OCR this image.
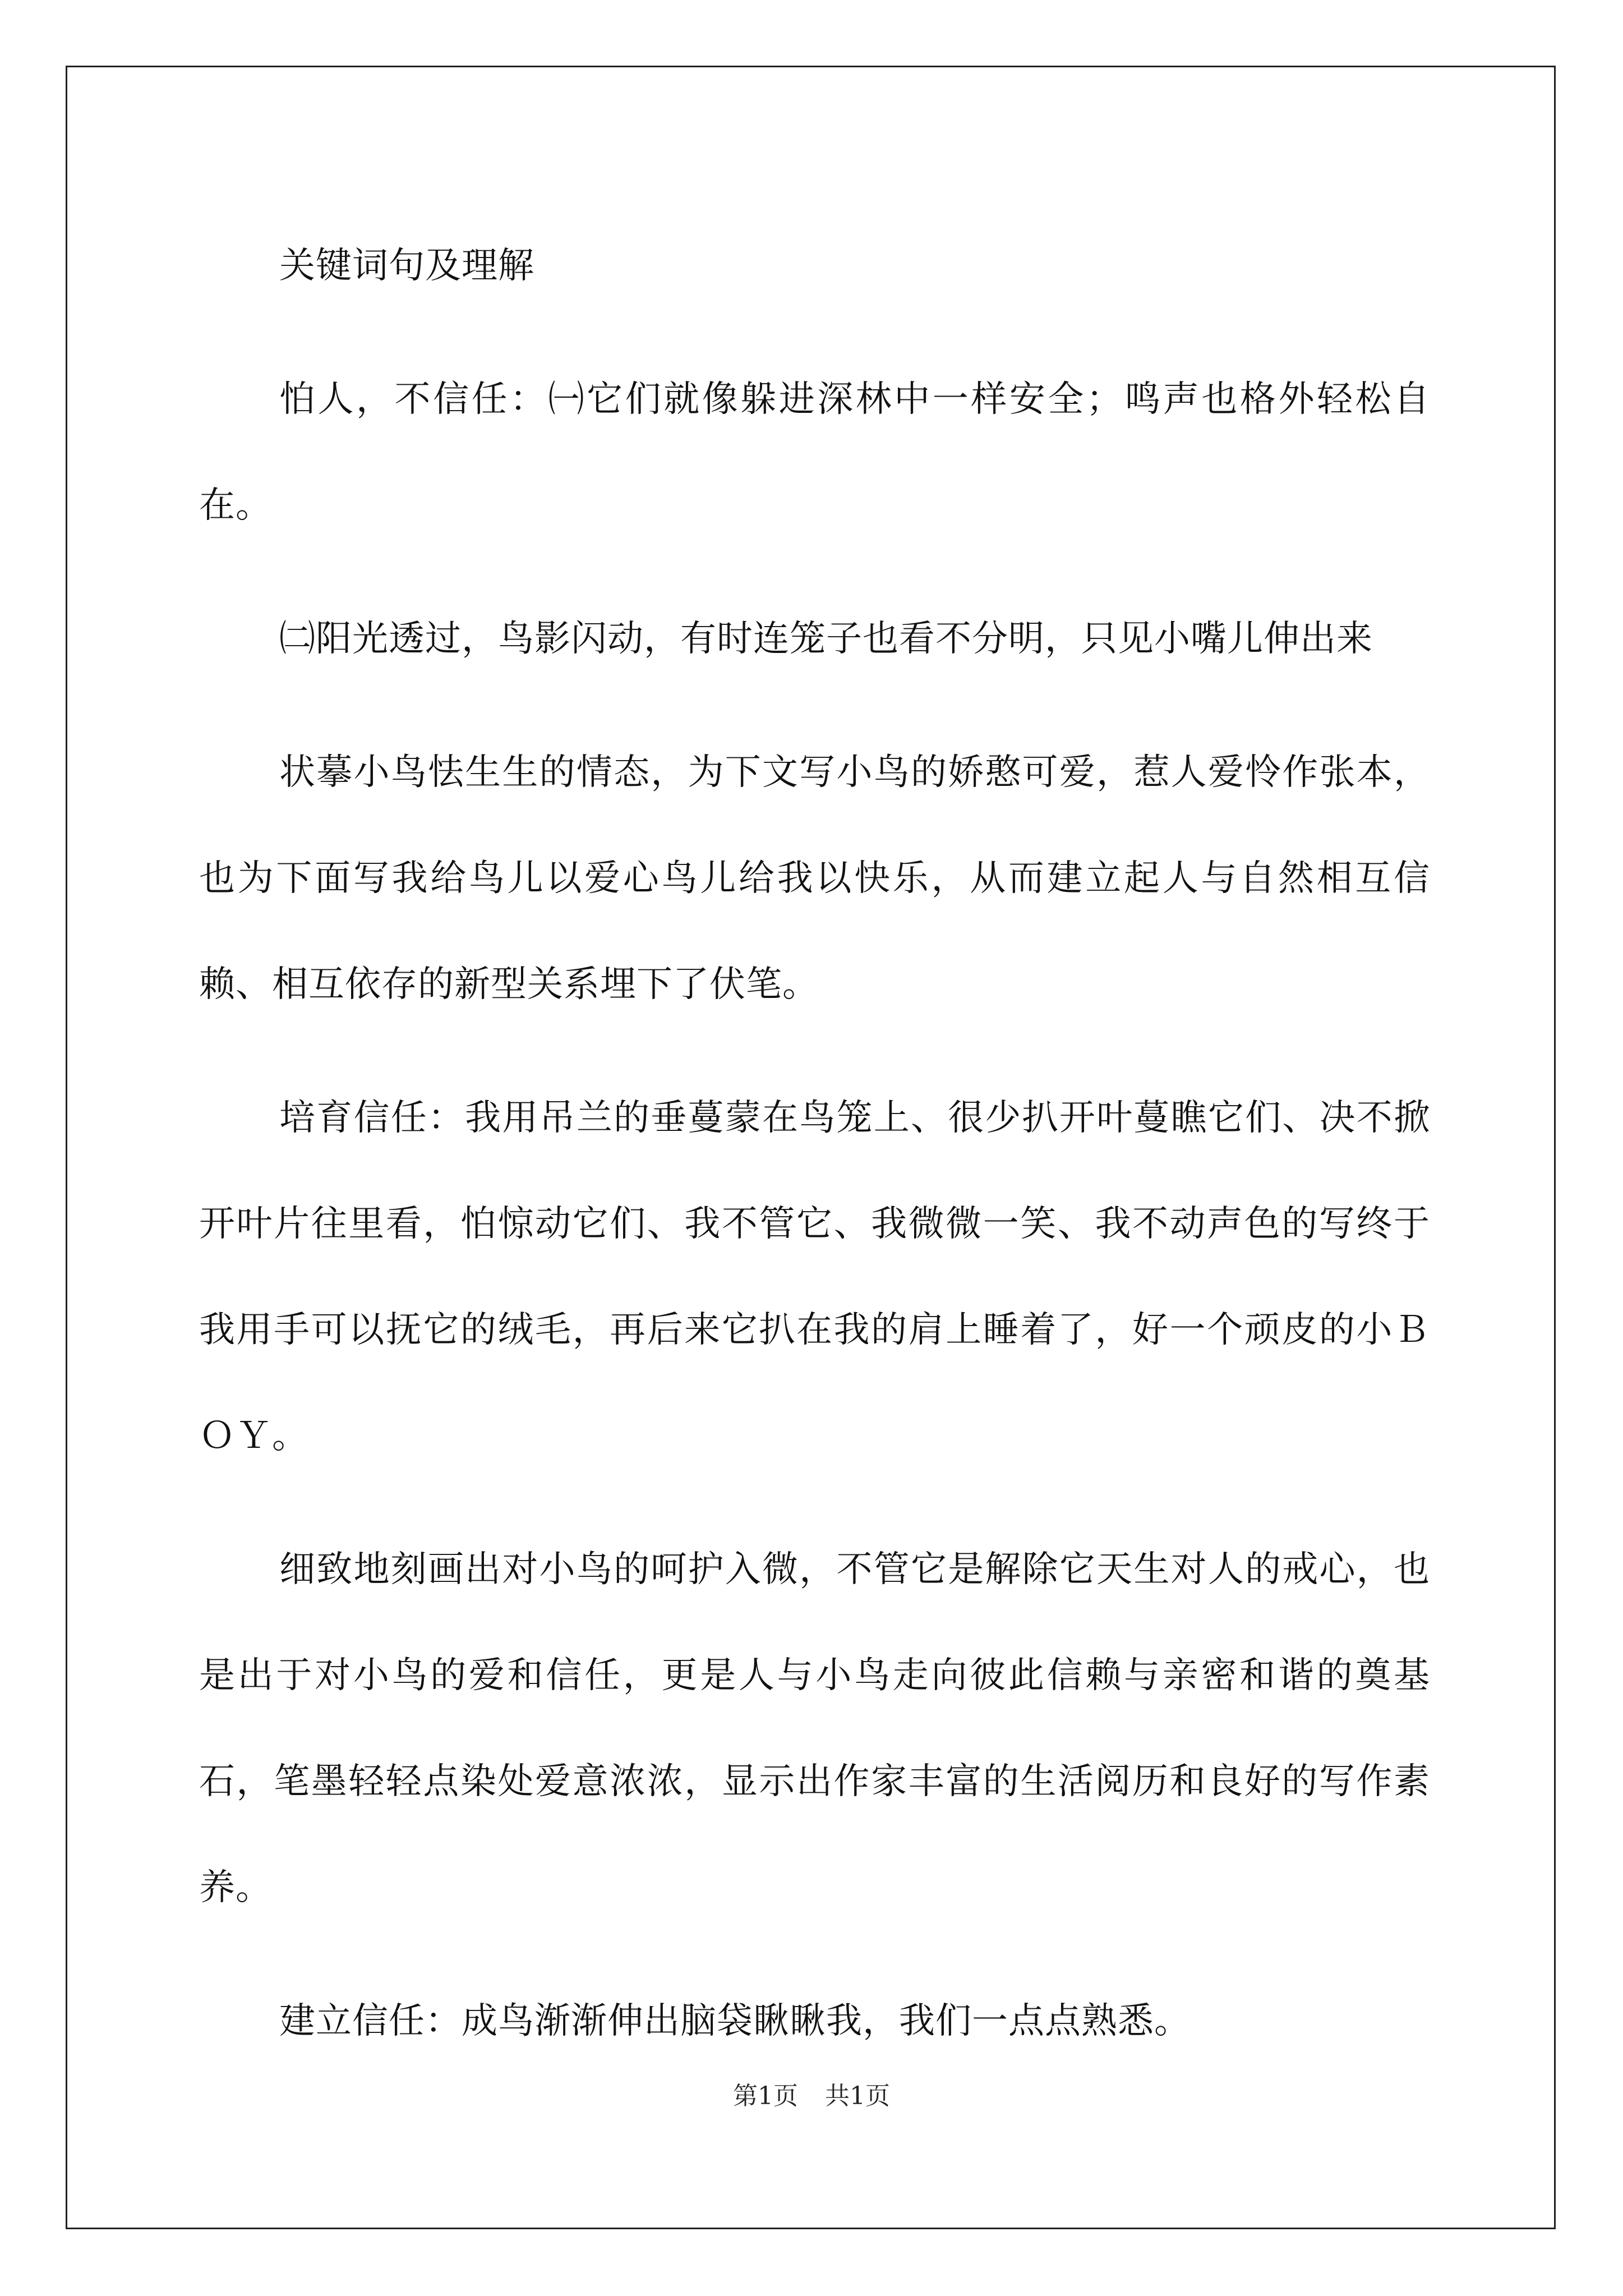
关键词句及理解

怕人，不信任：㈠它们就像躲进深林中一样安全；鸣声也格外轻松自在。

㈡阳光透过，鸟影闪动，有时连笼子也看不分明，只见小嘴儿伸出来

状摹小鸟怯生生的情态，为下文写小鸟的娇憨可爱，惹人爱怜作张本，也为下面写我给鸟儿以爱心鸟儿给我以快乐，从而建立起人与自然相互信赖、相互依存的新型关系埋下了伏笔。

培育信任：我用吊兰的垂蔓蒙在鸟笼上、很少扒开叶蔓瞧它们、决不掀开叶片往里看，怕惊动它们、我不管它、我微微一笑、我不动声色的写终于我用手可以抚它的绒毛，再后来它扒在我的肩上睡着了，好一个顽皮的小ＢＯＹ。

细致地刻画出对小鸟的呵护入微，不管它是解除它天生对人的戒心，也是出于对小鸟的爱和信任，更是人与小鸟走向彼此信赖与亲密和谐的奠基石，笔墨轻轻点染处爱意浓浓，显示出作家丰富的生活阅历和良好的写作素养。

建立信任：成鸟渐渐伸出脑袋瞅瞅我，我们一点点熟悉。

第1页 共1页
